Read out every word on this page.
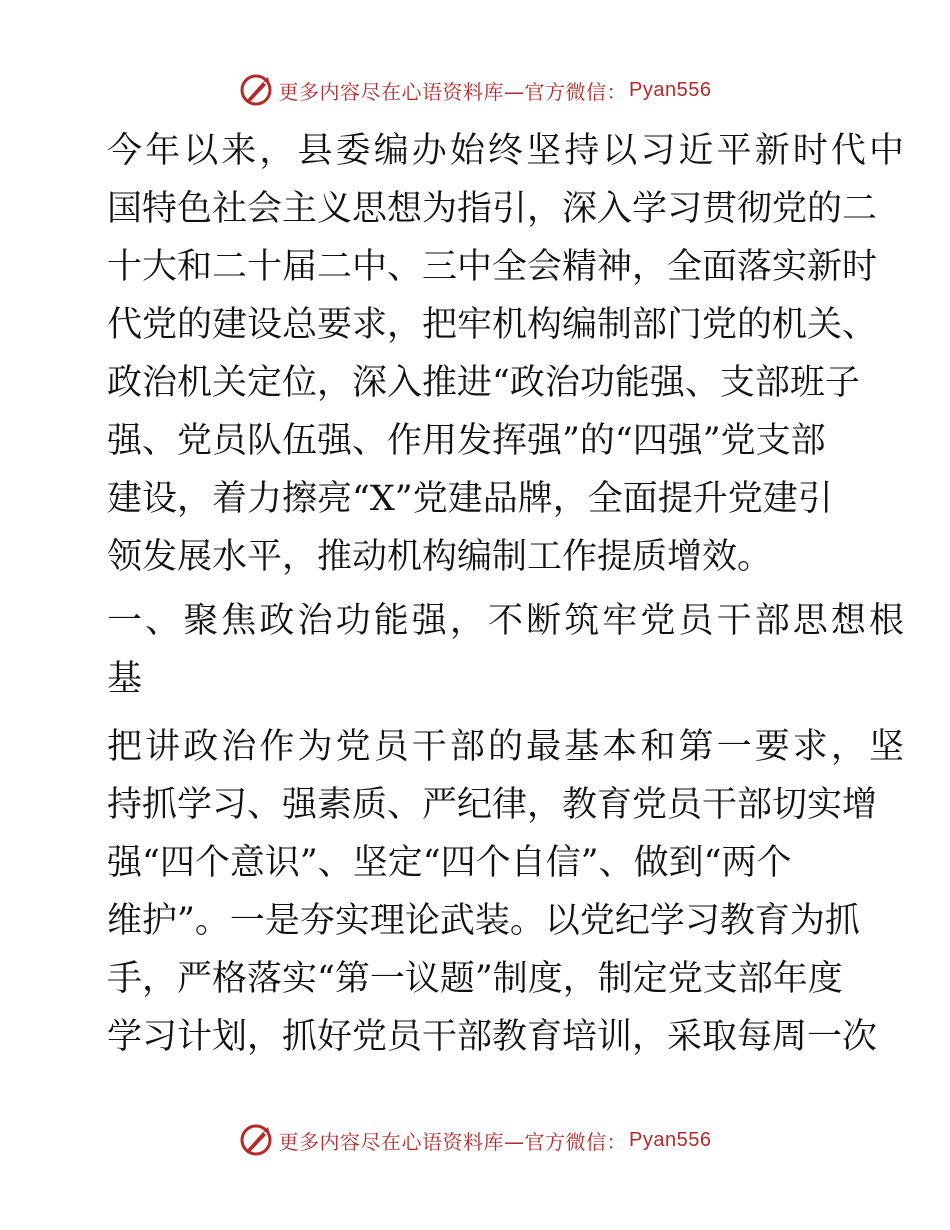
更多内容尽在心语资料库—官方微信： Pyan556

今年以来，县委编办始终坚持以习近平新时代中
国特色社会主义思想为指引，深入学习贯彻党的二
十大和二十届二中、三中全会精神，全面落实新时
代党的建设总要求，把牢机构编制部门党的机关、
政治机关定位，深入推进“政治功能强、支部班子
强、党员队伍强、作用发挥强”的“四强”党支部
建设，着力擦亮“X”党建品牌，全面提升党建引
领发展水平，推动机构编制工作提质增效。

一、聚焦政治功能强，不断筑牢党员干部思想根
基

把讲政治作为党员干部的最基本和第一要求，坚
持抓学习、强素质、严纪律，教育党员干部切实增
强“四个意识”、坚定“四个自信”、做到“两个
维护”。一是夯实理论武装。以党纪学习教育为抓
手，严格落实“第一议题”制度，制定党支部年度
学习计划，抓好党员干部教育培训，采取每周一次

更多内容尽在心语资料库—官方微信： Pyan556
